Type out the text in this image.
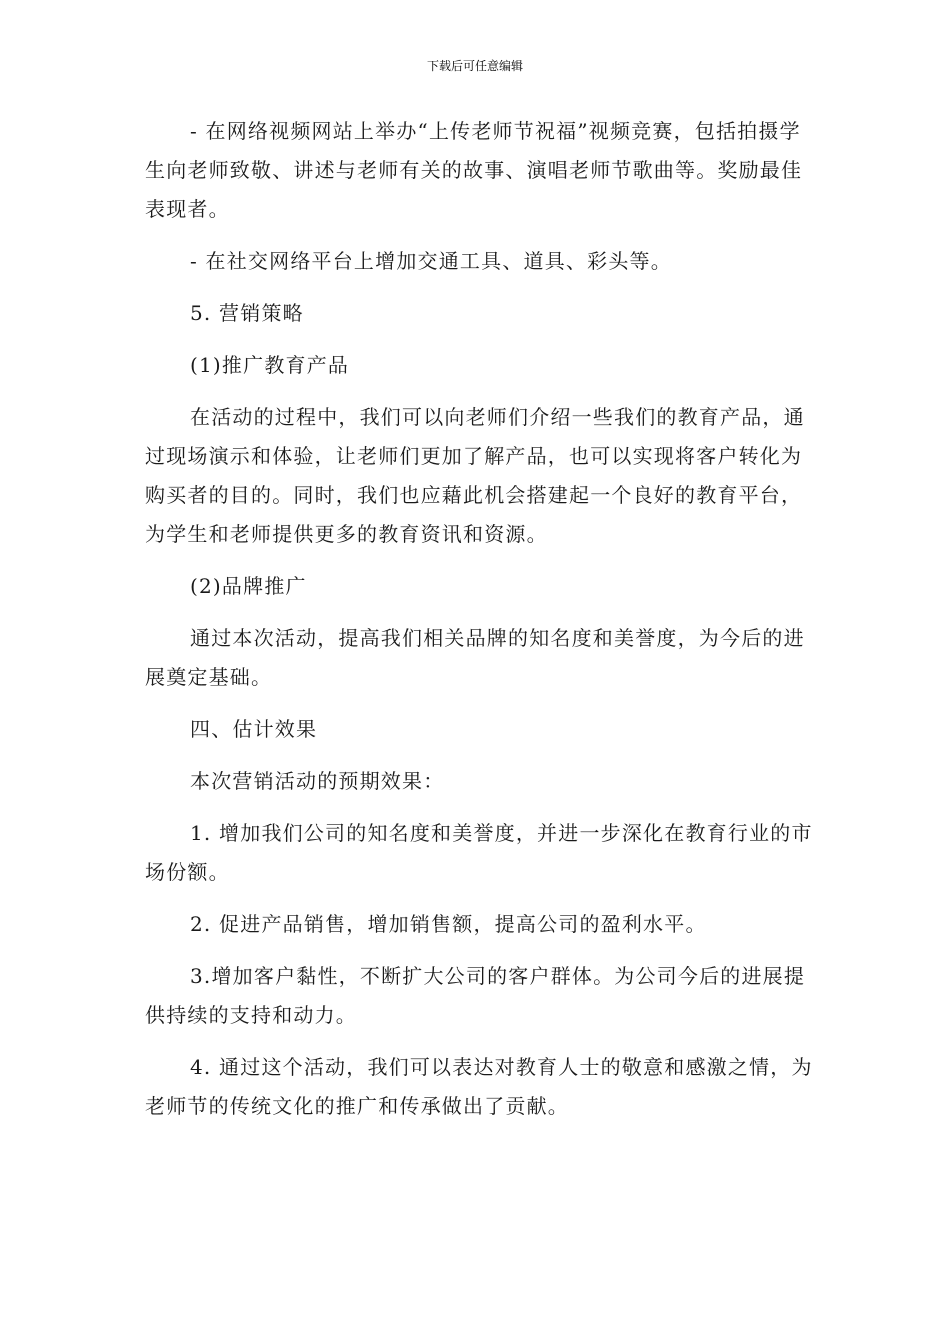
下载后可任意编辑

- 在网络视频网站上举办“上传老师节祝福”视频竞赛，包括拍摄学生向老师致敬、讲述与老师有关的故事、演唱老师节歌曲等。奖励最佳表现者。

- 在社交网络平台上增加交通工具、道具、彩头等。

5. 营销策略

(1)推广教育产品

在活动的过程中，我们可以向老师们介绍一些我们的教育产品，通过现场演示和体验，让老师们更加了解产品，也可以实现将客户转化为购买者的目的。同时，我们也应藉此机会搭建起一个良好的教育平台，为学生和老师提供更多的教育资讯和资源。

(2)品牌推广

通过本次活动，提高我们相关品牌的知名度和美誉度，为今后的进展奠定基础。

四、估计效果

本次营销活动的预期效果：

1. 增加我们公司的知名度和美誉度，并进一步深化在教育行业的市场份额。

2. 促进产品销售，增加销售额，提高公司的盈利水平。

3.增加客户黏性，不断扩大公司的客户群体。为公司今后的进展提供持续的支持和动力。

4. 通过这个活动，我们可以表达对教育人士的敬意和感激之情，为老师节的传统文化的推广和传承做出了贡献。
